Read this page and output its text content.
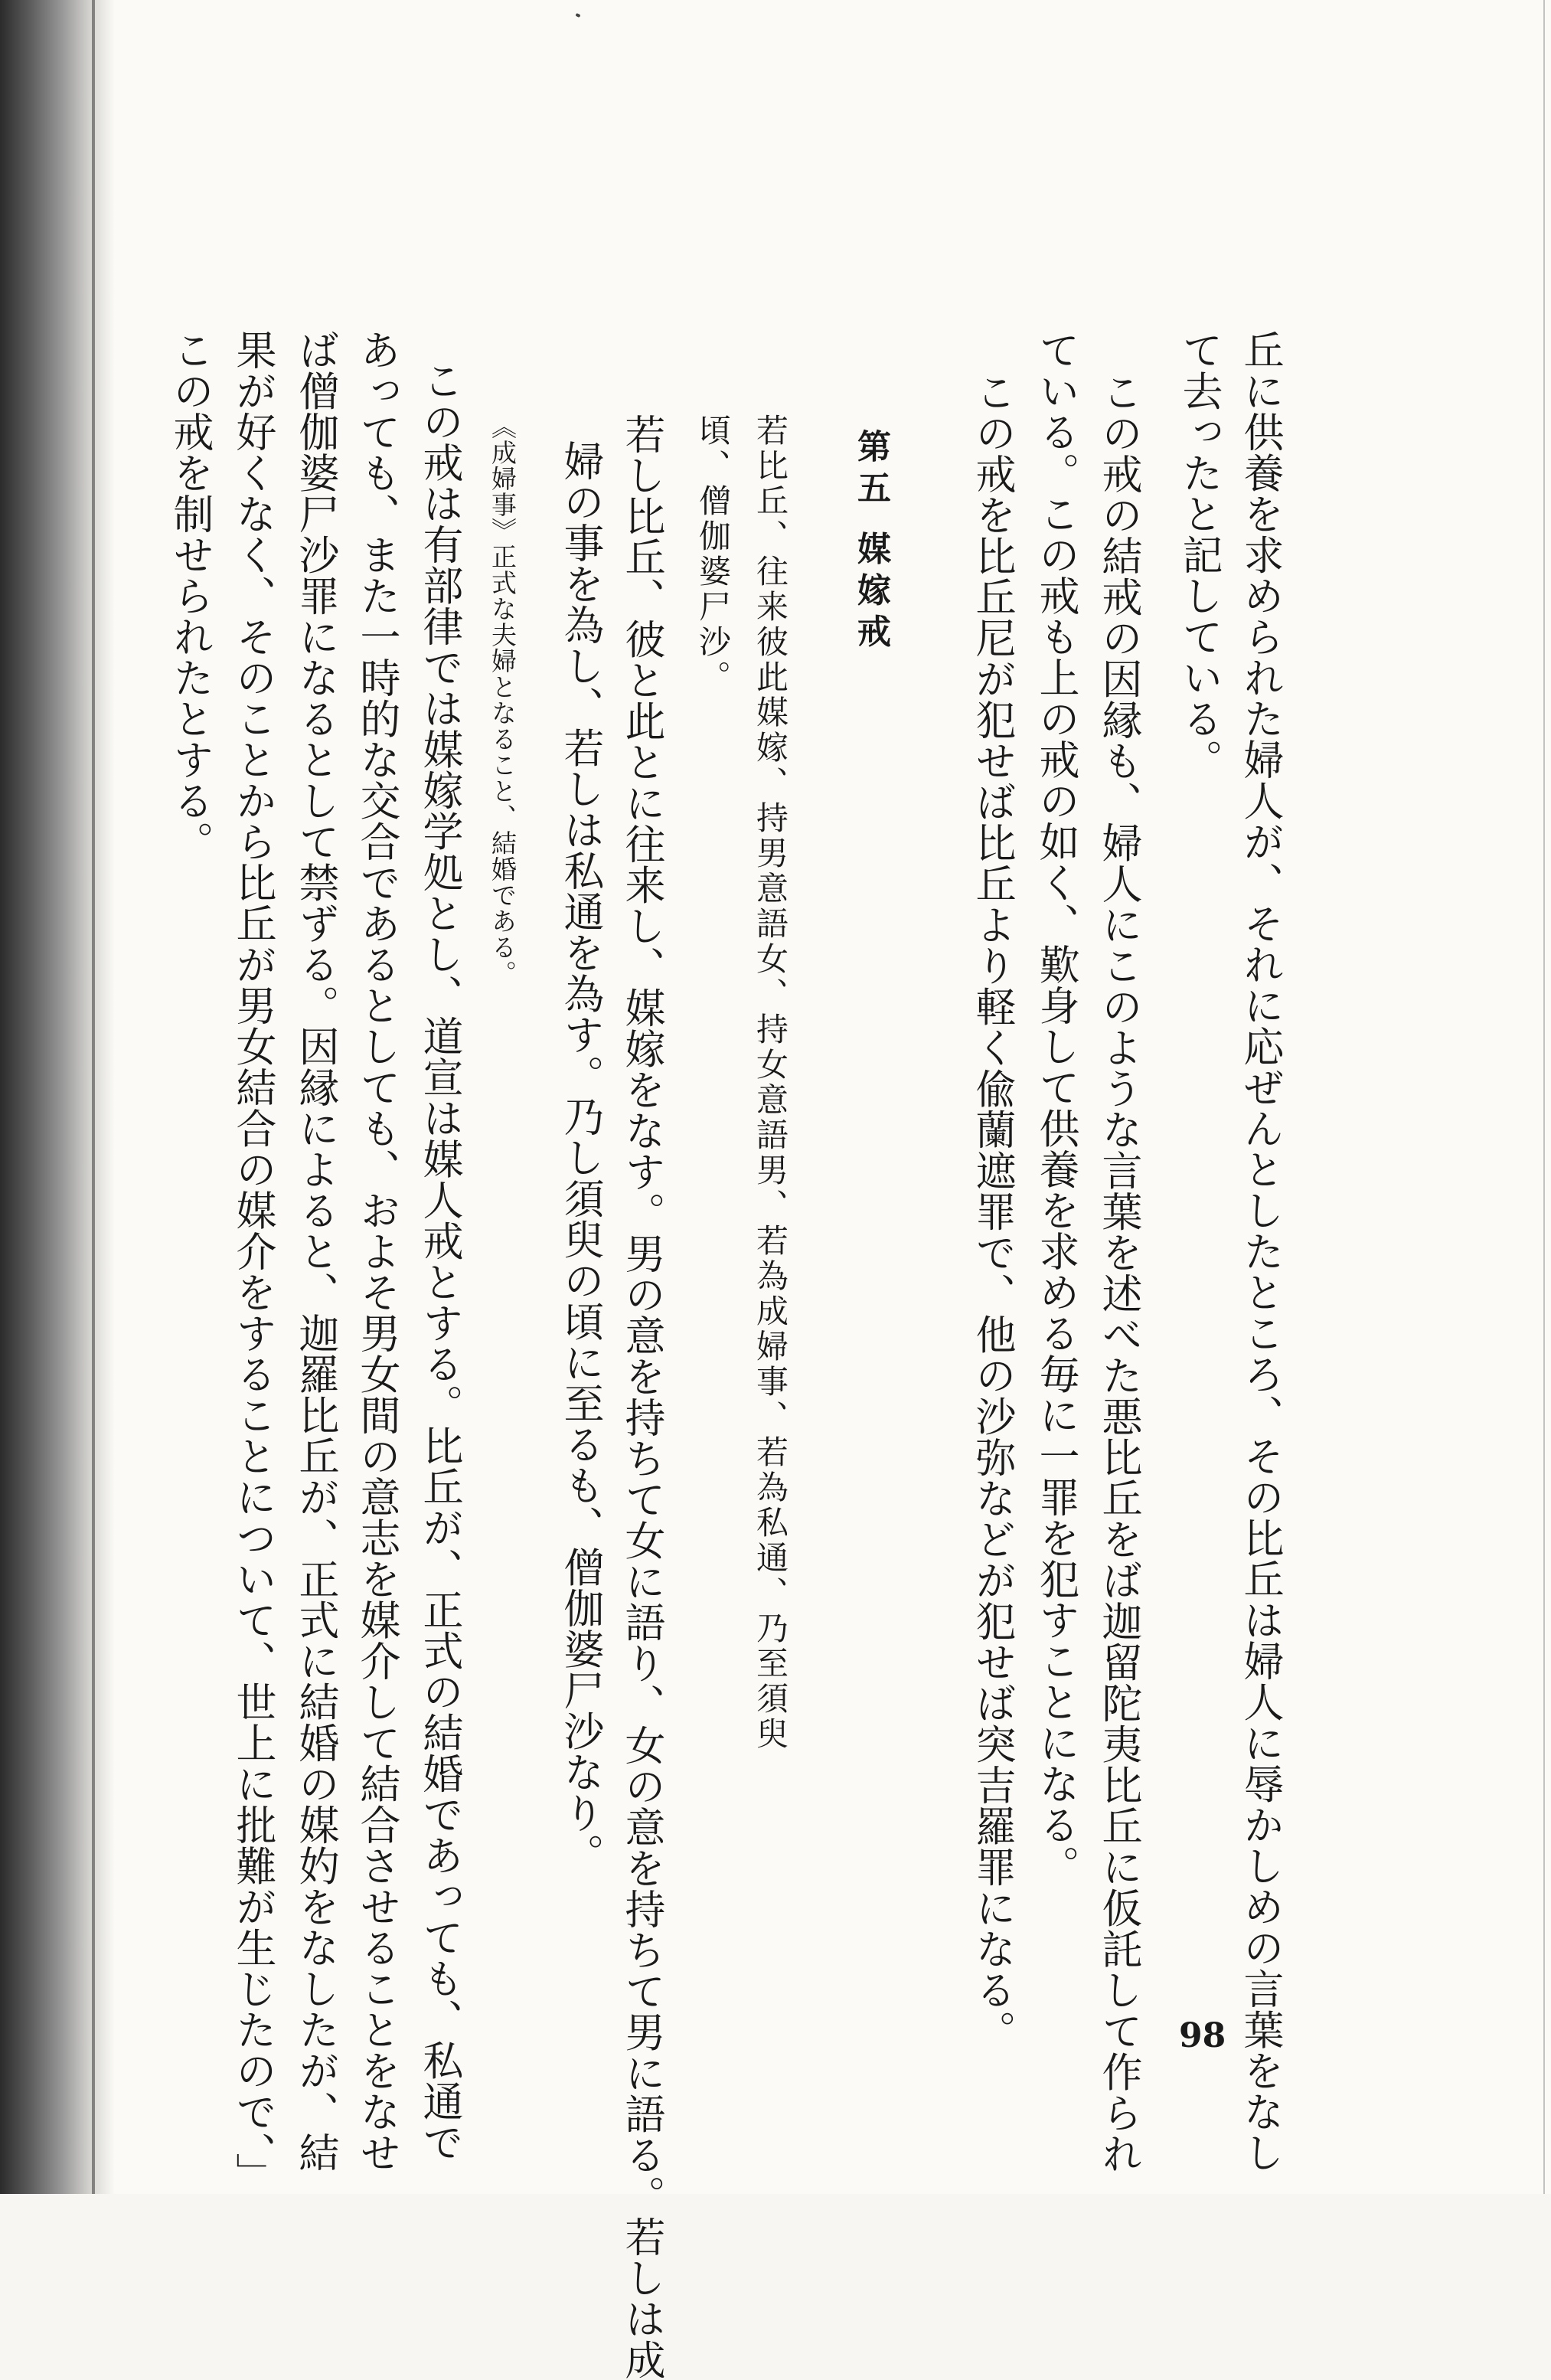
丘に供養を求められた婦人が、それに応ぜんとしたところ、その比丘は婦人に辱かしめの言葉をなし
て去ったと記している。
この戒の結戒の因縁も、婦人にこのような言葉を述べた悪比丘をば迦留陀夷比丘に仮託して作られ
ている。この戒も上の戒の如く、歎身して供養を求める毎に一罪を犯すことになる。
この戒を比丘尼が犯せば比丘より軽く偸蘭遮罪で、他の沙弥などが犯せば突吉羅罪になる。
第五 媒嫁戒
若比丘、往来彼此媒嫁、持男意語女、持女意語男、若為成婦事、若為私通、乃至須臾
頃、僧伽婆尸沙。
若し比丘、彼と此とに往来し、媒嫁をなす。男の意を持ちて女に語り、女の意を持ちて男に語る。若しは成
婦の事を為し、若しは私通を為す。乃し須臾の頃に至るも、僧伽婆尸沙なり。
《成婦事》正式な夫婦となること、結婚である。
この戒は有部律では媒嫁学処とし、道宣は媒人戒とする。比丘が、正式の結婚であっても、私通で
あっても、また一時的な交合であるとしても、およそ男女間の意志を媒介して結合させることをなせ
ば僧伽婆尸沙罪になるとして禁ずる。因縁によると、迦羅比丘が、正式に結婚の媒妁をなしたが、結
果が好くなく、そのことから比丘が男女結合の媒介をすることについて、世上に批難が生じたので、」
この戒を制せられたとする。
98
